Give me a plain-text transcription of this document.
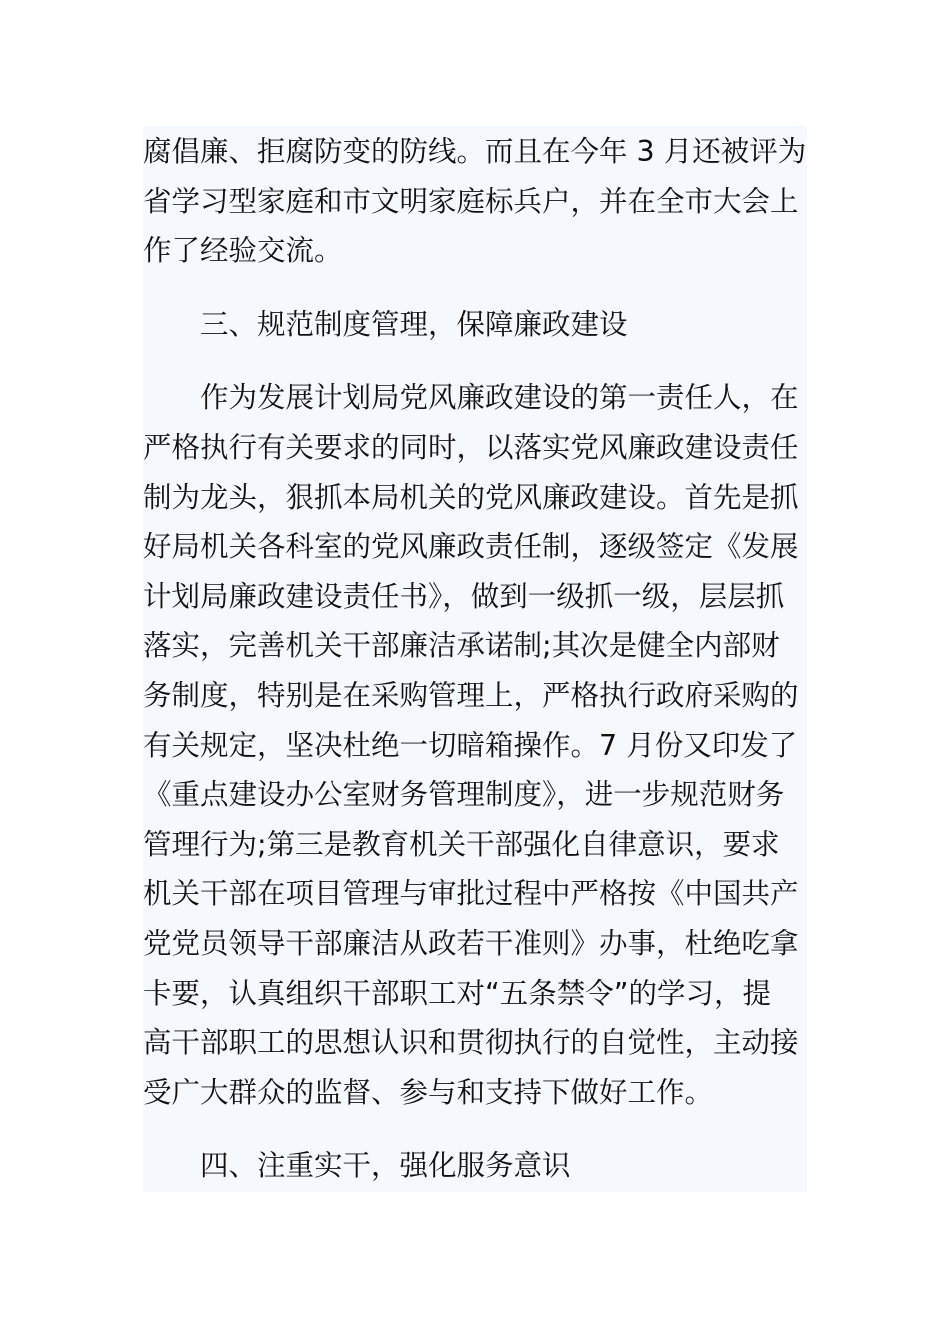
腐倡廉、拒腐防变的防线。而且在今年 3 月还被评为
省学习型家庭和市文明家庭标兵户，并在全市大会上
作了经验交流。
三、规范制度管理，保障廉政建设
作为发展计划局党风廉政建设的第一责任人，在
严格执行有关要求的同时，以落实党风廉政建设责任
制为龙头，狠抓本局机关的党风廉政建设。首先是抓
好局机关各科室的党风廉政责任制，逐级签定《发展
计划局廉政建设责任书》，做到一级抓一级，层层抓
落实，完善机关干部廉洁承诺制;其次是健全内部财
务制度，特别是在采购管理上，严格执行政府采购的
有关规定，坚决杜绝一切暗箱操作。7 月份又印发了
《重点建设办公室财务管理制度》，进一步规范财务
管理行为;第三是教育机关干部强化自律意识，要求
机关干部在项目管理与审批过程中严格按《中国共产
党党员领导干部廉洁从政若干准则》办事，杜绝吃拿
卡要，认真组织干部职工对“五条禁令”的学习，提
高干部职工的思想认识和贯彻执行的自觉性，主动接
受广大群众的监督、参与和支持下做好工作。
四、注重实干，强化服务意识
